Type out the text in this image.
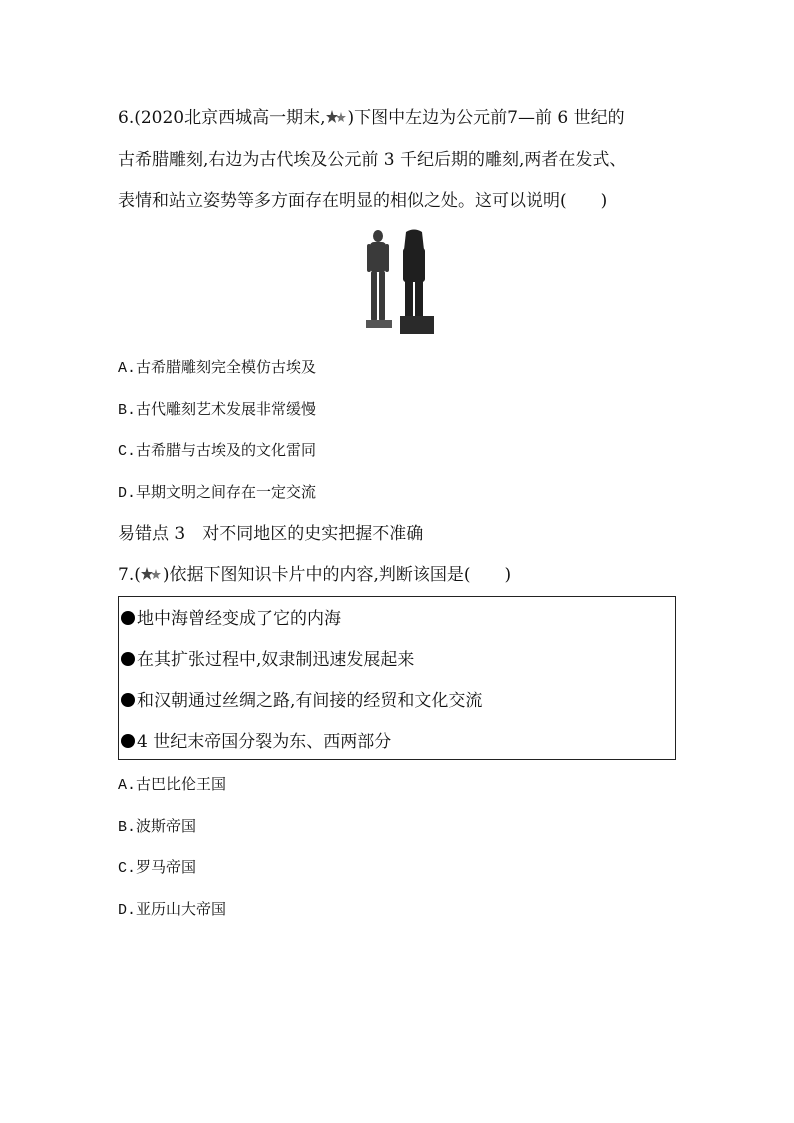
6.(2020北京西城高一期末, )下图中左边为公元前7—前 6 世纪的
古希腊雕刻,右边为古代埃及公元前 3 千纪后期的雕刻,两者在发式、
表情和站立姿势等多方面存在明显的相似之处。这可以说明(　　)
A.古希腊雕刻完全模仿古埃及
B.古代雕刻艺术发展非常缓慢
C.古希腊与古埃及的文化雷同
D.早期文明之间存在一定交流
易错点 3　对不同地区的史实把握不准确
7.( )依据下图知识卡片中的内容,判断该国是(　　)
地中海曾经变成了它的内海
在其扩张过程中,奴隶制迅速发展起来
和汉朝通过丝绸之路,有间接的经贸和文化交流
4 世纪末帝国分裂为东、西两部分
A.古巴比伦王国
B.波斯帝国
C.罗马帝国
D.亚历山大帝国
